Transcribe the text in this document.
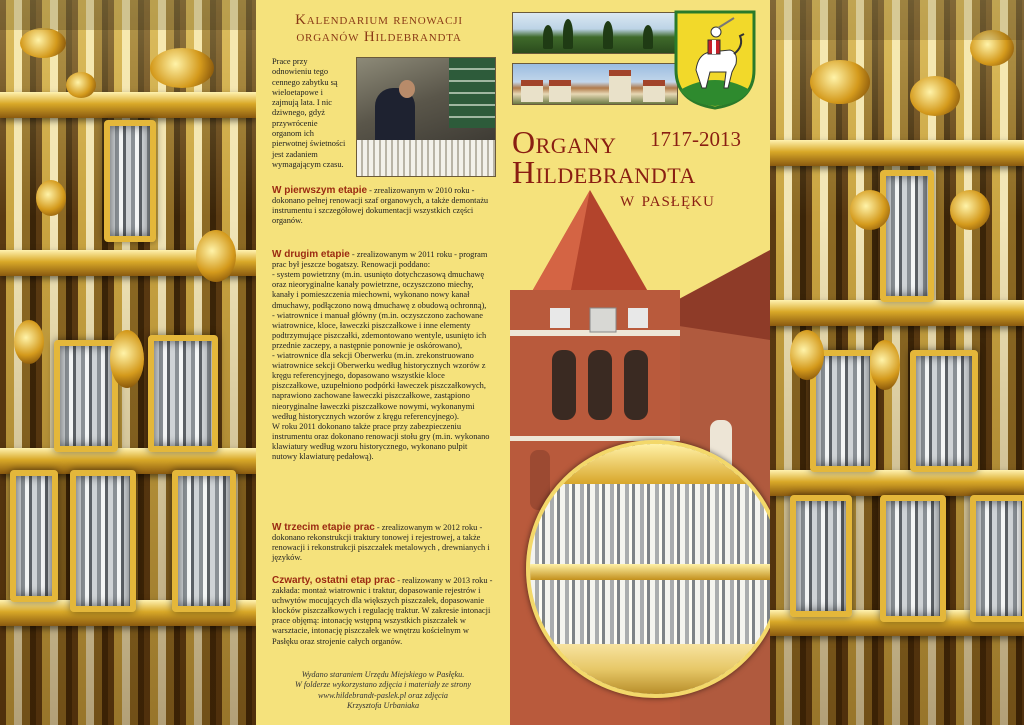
Kalendarium renowacji
organów Hildebrandta
Prace przy odnowieniu tego cennego zabytku są wieloetapowe i zajmują lata. I nic dziwnego, gdyż przywrócenie organom ich pierwotnej świetności jest zadaniem wymagającym czasu.
W pierwszym etapie - zrealizowanym w 2010 roku - dokonano pełnej renowacji szaf organowych, a także demontażu instrumentu i szczegółowej dokumentacji wszystkich części organów.

W drugim etapie - zrealizowanym w 2011 roku - program prac był jeszcze bogatszy. Renowacji poddano:
- system powietrzny (m.in. usunięto dotychczasową dmuchawę oraz nieoryginalne kanały powietrzne, oczyszczono miechy, kanały i pomieszczenia miechowni, wykonano nowy kanał dmuchawy, podłączono nową dmuchawę z obudową ochronną),
- wiatrownice i manuał główny (m.in. oczyszczono zachowane wiatrownice, kloce, ławeczki piszczałkowe i inne elementy podtrzymujące piszczałki, zdemontowano wentyle, usunięto ich przednie zaczepy, a następnie ponownie je oskórowano),
- wiatrownice dla sekcji Oberwerku (m.in. zrekonstruowano wiatrownice sekcji Oberwerku według historycznych wzorów z kręgu referencyjnego, dopasowano wszystkie kloce piszczałkowe, uzupełniono podpórki ławeczek piszczałkowych, naprawiono zachowane ławeczki piszczałkowe, zastąpiono nieoryginalne ławeczki piszczałkowe nowymi, wykonanymi według historycznych wzorów z kręgu referencyjnego).
W roku 2011 dokonano także prace przy zabezpieczeniu instrumentu oraz dokonano renowacji stołu gry (m.in. wykonano klawiatury według wzoru historycznego, wykonano pulpit nutowy klawiaturę pedałową).

W trzecim etapie prac - zrealizowanym w 2012 roku - dokonano rekonstrukcji traktury tonowej i rejestrowej, a także renowacji i rekonstrukcji piszczałek metalowych , drewnianych i języków.
Czwarty, ostatni etap prac - realizowany w 2013 roku - zakłada: montaż wiatrownic i traktur, dopasowanie rejestrów i uchwytów mocujących dla większych piszczałek, dopasowanie klocków piszczałkowych i regulację traktur. W zakresie intonacji prace objęmą: intonację wstępną wszystkich piszczałek w warsztacie, intonację piszczałek we wnętrzu kościelnym w Pasłęku oraz strojenie całych organów.
Wydano staraniem Urzędu Miejskiego w Pasłęku.
W folderze wykorzystano zdjęcia i materiały ze strony
www.hildebrandt-paslek.pl oraz zdjęcia
Krzysztofa Urbaniaka
Organy 1717-2013
Hildebrandta
w pasłęku
